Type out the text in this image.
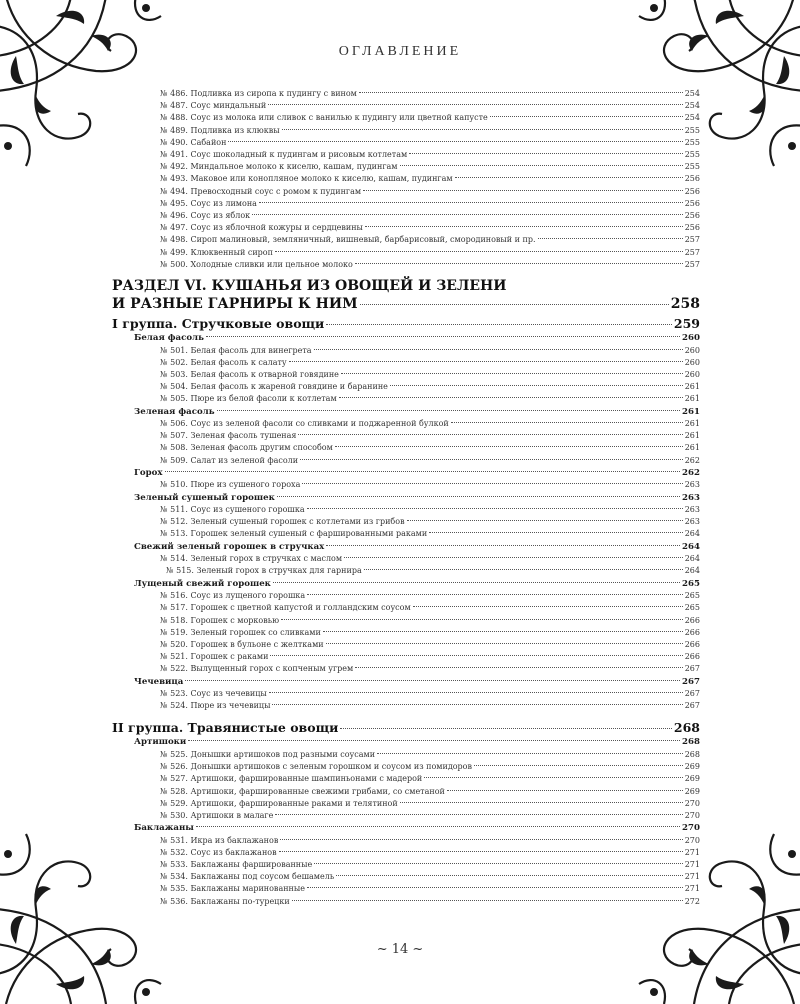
ОГЛАВЛЕНИЕ
№ 486. Подливка из сиропа к пудингу с вином	254
№ 487. Соус миндальный	254
№ 488. Соус из молока или сливок с ванилью к пудингу или цветной капусте	254
№ 489. Подливка из клюквы	255
№ 490. Сабайон	255
№ 491. Соус шоколадный к пудингам и рисовым котлетам	255
№ 492. Миндальное молоко к киселю, кашам, пудингам	255
№ 493. Маковое или конопляное молоко к киселю, кашам, пудингам	256
№ 494. Превосходный соус с ромом к пудингам	256
№ 495. Соус из лимона	256
№ 496. Соус из яблок	256
№ 497. Соус из яблочной кожуры и сердцевины	256
№ 498. Сироп малиновый, земляничный, вишневый, барбарисовый, смородиновый и пр.	257
№ 499. Клюквенный сироп	257
№ 500. Холодные сливки или цельное молоко	257
РАЗДЕЛ VI. КУШАНЬЯ ИЗ ОВОЩЕЙ И ЗЕЛЕНИ
И РАЗНЫЕ ГАРНИРЫ К НИМ	258
I группа. Стручковые овощи	259
Белая фасоль	260
№ 501. Белая фасоль для винегрета	260
№ 502. Белая фасоль к салату	260
№ 503. Белая фасоль к отварной говядине	260
№ 504. Белая фасоль к жареной говядине и баранине	261
№ 505. Пюре из белой фасоли к котлетам	261
Зеленая фасоль	261
№ 506. Соус из зеленой фасоли со сливками и поджаренной булкой	261
№ 507. Зеленая фасоль тушеная	261
№ 508. Зеленая фасоль другим способом	261
№ 509. Салат из зеленой фасоли	262
Горох	262
№ 510. Пюре из сушеного гороха	263
Зеленый сушеный горошек	263
№ 511. Соус из сушеного горошка	263
№ 512. Зеленый сушеный горошек с котлетами из грибов	263
№ 513. Горошек зеленый сушеный с фаршированными раками	264
Свежий зеленый горошек в стручках	264
№ 514. Зеленый горох в стручках с маслом	264
№ 515. Зеленый горох в стручках для гарнира	264
Лущеный свежий горошек	265
№ 516. Соус из лущеного горошка	265
№ 517. Горошек с цветной капустой и голландским соусом	265
№ 518. Горошек с морковью	266
№ 519. Зеленый горошек со сливками	266
№ 520. Горошек в бульоне с желтками	266
№ 521. Горошек с раками	266
№ 522. Вылущенный горох с копченым угрем	267
Чечевица	267
№ 523. Соус из чечевицы	267
№ 524. Пюре из чечевицы	267
II группа. Травянистые овощи	268
Артишоки	268
№ 525. Донышки артишоков под разными соусами	268
№ 526. Донышки артишоков с зеленым горошком и соусом из помидоров	269
№ 527. Артишоки, фаршированные шампиньонами с мадерой	269
№ 528. Артишоки, фаршированные свежими грибами, со сметаной	269
№ 529. Артишоки, фаршированные раками и телятиной	270
№ 530. Артишоки в малаге	270
Баклажаны	270
№ 531. Икра из баклажанов	270
№ 532. Соус из баклажанов	271
№ 533. Баклажаны фаршированные	271
№ 534. Баклажаны под соусом бешамель	271
№ 535. Баклажаны маринованные	271
№ 536. Баклажаны по-турецки	272
~ 14 ~
